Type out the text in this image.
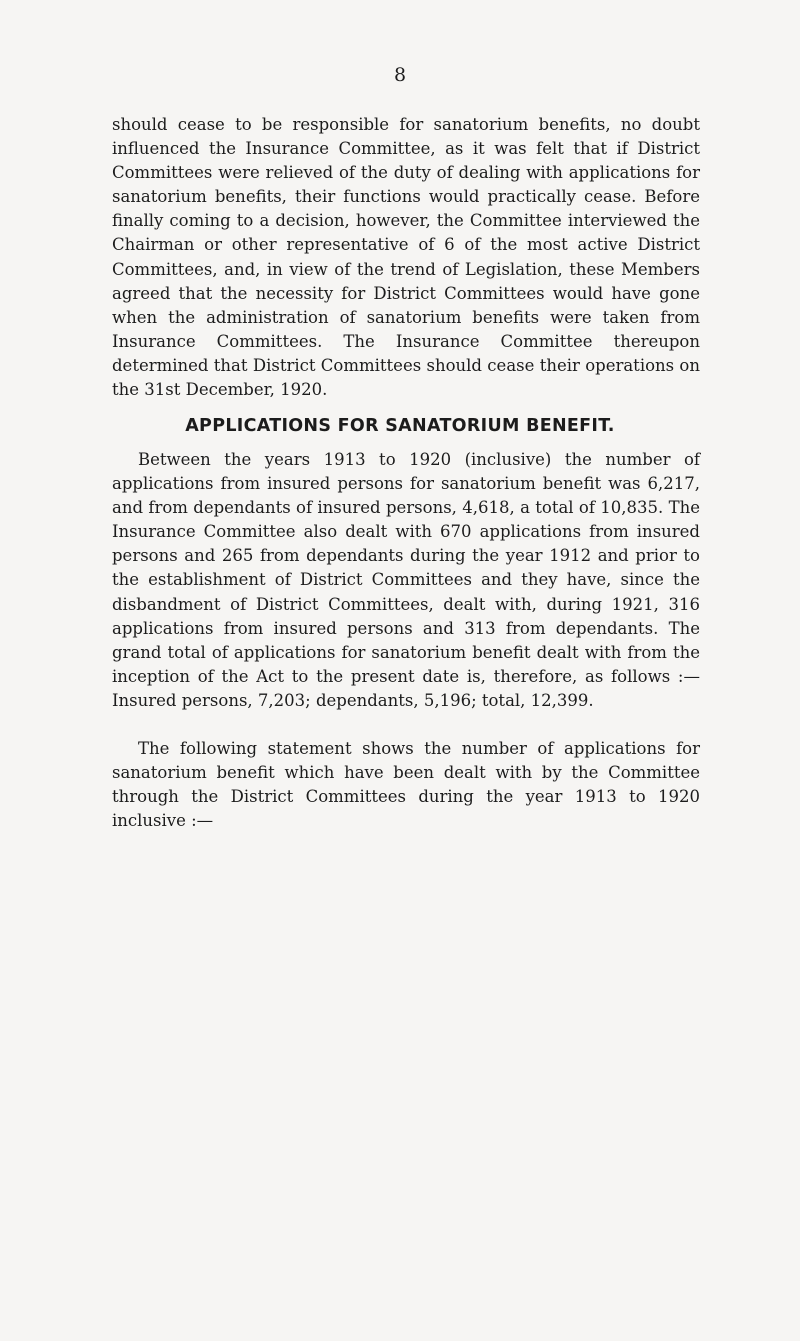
8

should cease to be responsible for sanatorium benefits, no doubt influenced the Insurance Committee, as it was felt that if District Committees were relieved of the duty of dealing with applications for sanatorium benefits, their functions would practically cease. Before finally coming to a decision, however, the Committee interviewed the Chairman or other representative of 6 of the most active District Committees, and, in view of the trend of Legislation, these Members agreed that the necessity for District Committees would have gone when the administration of sanatorium benefits were taken from Insurance Committees. The Insurance Committee thereupon determined that District Committees should cease their operations on the 31st December, 1920.

APPLICATIONS FOR SANATORIUM BENEFIT.

Between the years 1913 to 1920 (inclusive) the number of applications from insured persons for sanatorium benefit was 6,217, and from dependants of insured persons, 4,618, a total of 10,835. The Insurance Committee also dealt with 670 applications from insured persons and 265 from dependants during the year 1912 and prior to the establishment of District Committees and they have, since the disbandment of District Committees, dealt with, during 1921, 316 applications from insured persons and 313 from dependants. The grand total of applications for sanatorium benefit dealt with from the inception of the Act to the present date is, therefore, as follows :—Insured persons, 7,203; dependants, 5,196; total, 12,399.

The following statement shows the number of applications for sanatorium benefit which have been dealt with by the Committee through the District Committees during the year 1913 to 1920 inclusive :—
